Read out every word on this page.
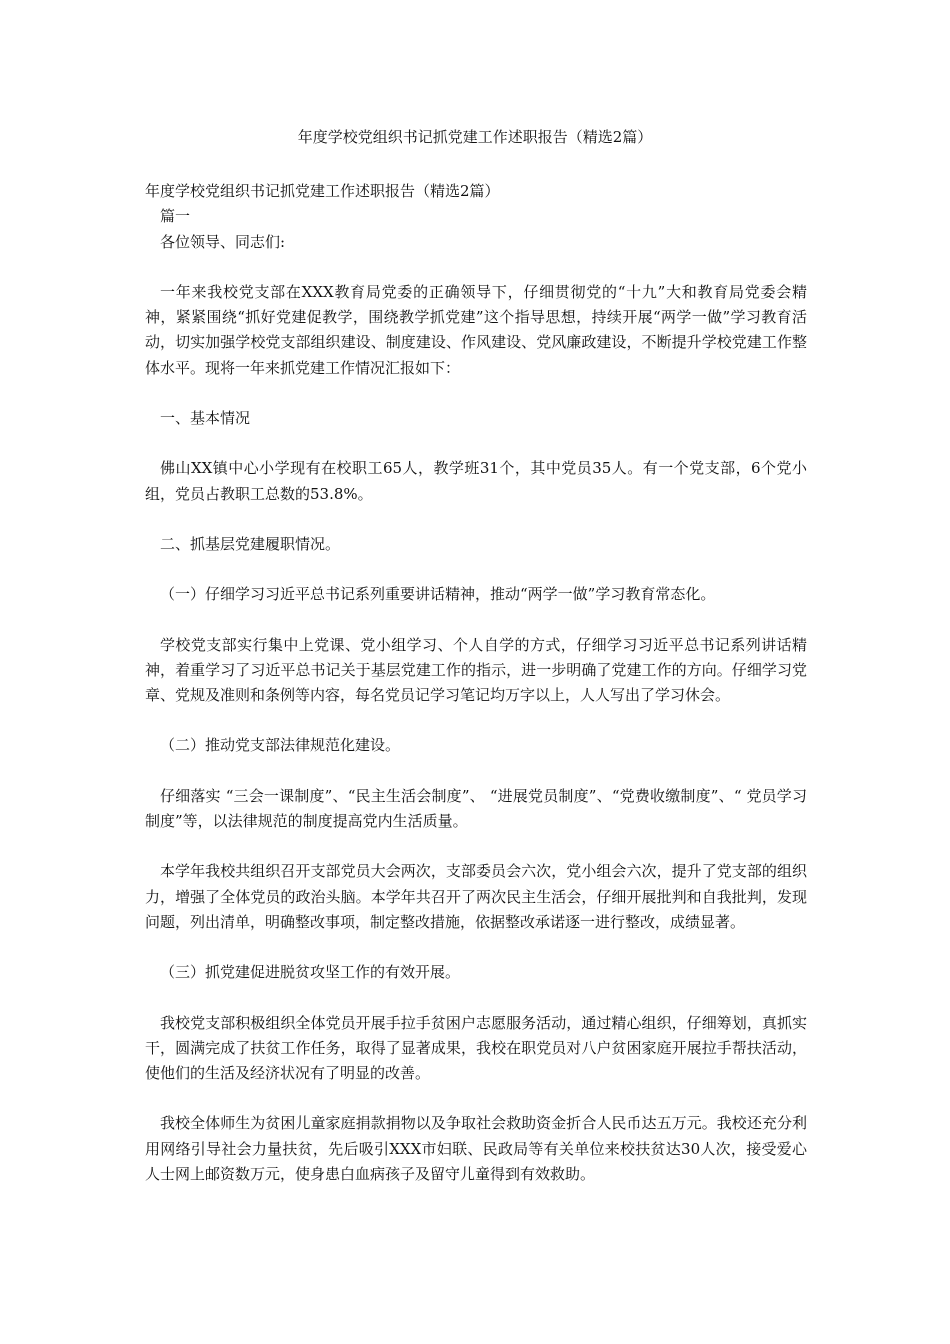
年度学校党组织书记抓党建工作述职报告（精选2篇）

年度学校党组织书记抓党建工作述职报告（精选2篇）

篇一

各位领导、同志们:

一年来我校党支部在XXX教育局党委的正确领导下，仔细贯彻党的“十九”大和教育局党委会精神，紧紧围绕“抓好党建促教学，围绕教学抓党建”这个指导思想，持续开展“两学一做”学习教育活动，切实加强学校党支部组织建设、制度建设、作风建设、党风廉政建设，不断提升学校党建工作整体水平。现将一年来抓党建工作情况汇报如下：

一、基本情况

佛山XX镇中心小学现有在校职工65人，教学班31个，其中党员35人。有一个党支部，6个党小组，党员占教职工总数的53.8%。

二、抓基层党建履职情况。

（一）仔细学习习近平总书记系列重要讲话精神，推动“两学一做”学习教育常态化。

学校党支部实行集中上党课、党小组学习、个人自学的方式，仔细学习习近平总书记系列讲话精神，着重学习了习近平总书记关于基层党建工作的指示，进一步明确了党建工作的方向。仔细学习党章、党规及准则和条例等内容，每名党员记学习笔记均万字以上，人人写出了学习休会。

（二）推动党支部法律规范化建设。

仔细落实 “三会一课制度”、“民主生活会制度”、 “进展党员制度”、“党费收缴制度”、“ 党员学习制度”等，以法律规范的制度提高党内生活质量。

本学年我校共组织召开支部党员大会两次，支部委员会六次，党小组会六次，提升了党支部的组织力，增强了全体党员的政治头脑。本学年共召开了两次民主生活会，仔细开展批判和自我批判，发现问题，列出清单，明确整改事项，制定整改措施，依据整改承诺逐一进行整改，成绩显著。

（三）抓党建促进脱贫攻坚工作的有效开展。

我校党支部积极组织全体党员开展手拉手贫困户志愿服务活动，通过精心组织，仔细筹划，真抓实干，圆满完成了扶贫工作任务，取得了显著成果，我校在职党员对八户贫困家庭开展拉手帮扶活动，使他们的生活及经济状况有了明显的改善。

我校全体师生为贫困儿童家庭捐款捐物以及争取社会救助资金折合人民币达五万元。我校还充分利用网络引导社会力量扶贫，先后吸引XXX市妇联、民政局等有关单位来校扶贫达30人次，接受爱心人士网上邮资数万元，使身患白血病孩子及留守儿童得到有效救助。
